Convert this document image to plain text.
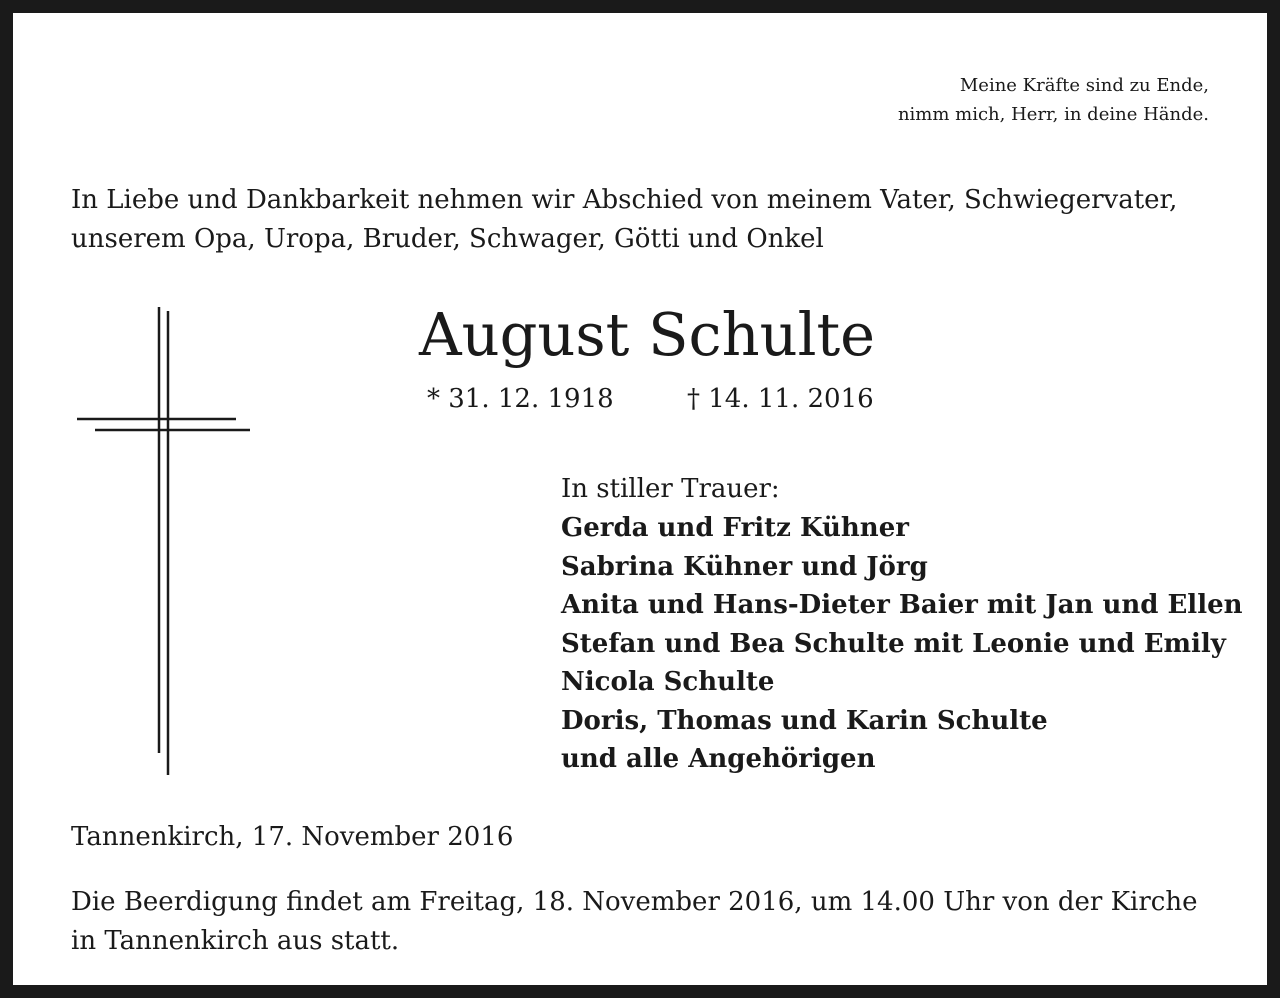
Meine Kräfte sind zu Ende,
nimm mich, Herr, in deine Hände.
In Liebe und Dankbarkeit nehmen wir Abschied von meinem Vater, Schwiegervater,
unserem Opa, Uropa, Bruder, Schwager, Götti und Onkel
August Schulte
* 31. 12. 1918	† 14. 11. 2016
In stiller Trauer:
Gerda und Fritz Kühner
Sabrina Kühner und Jörg
Anita und Hans-Dieter Baier mit Jan und Ellen
Stefan und Bea Schulte mit Leonie und Emily
Nicola Schulte
Doris, Thomas und Karin Schulte
und alle Angehörigen
Tannenkirch, 17. November 2016
Die Beerdigung findet am Freitag, 18. November 2016, um 14.00 Uhr von der Kirche
in Tannenkirch aus statt.
